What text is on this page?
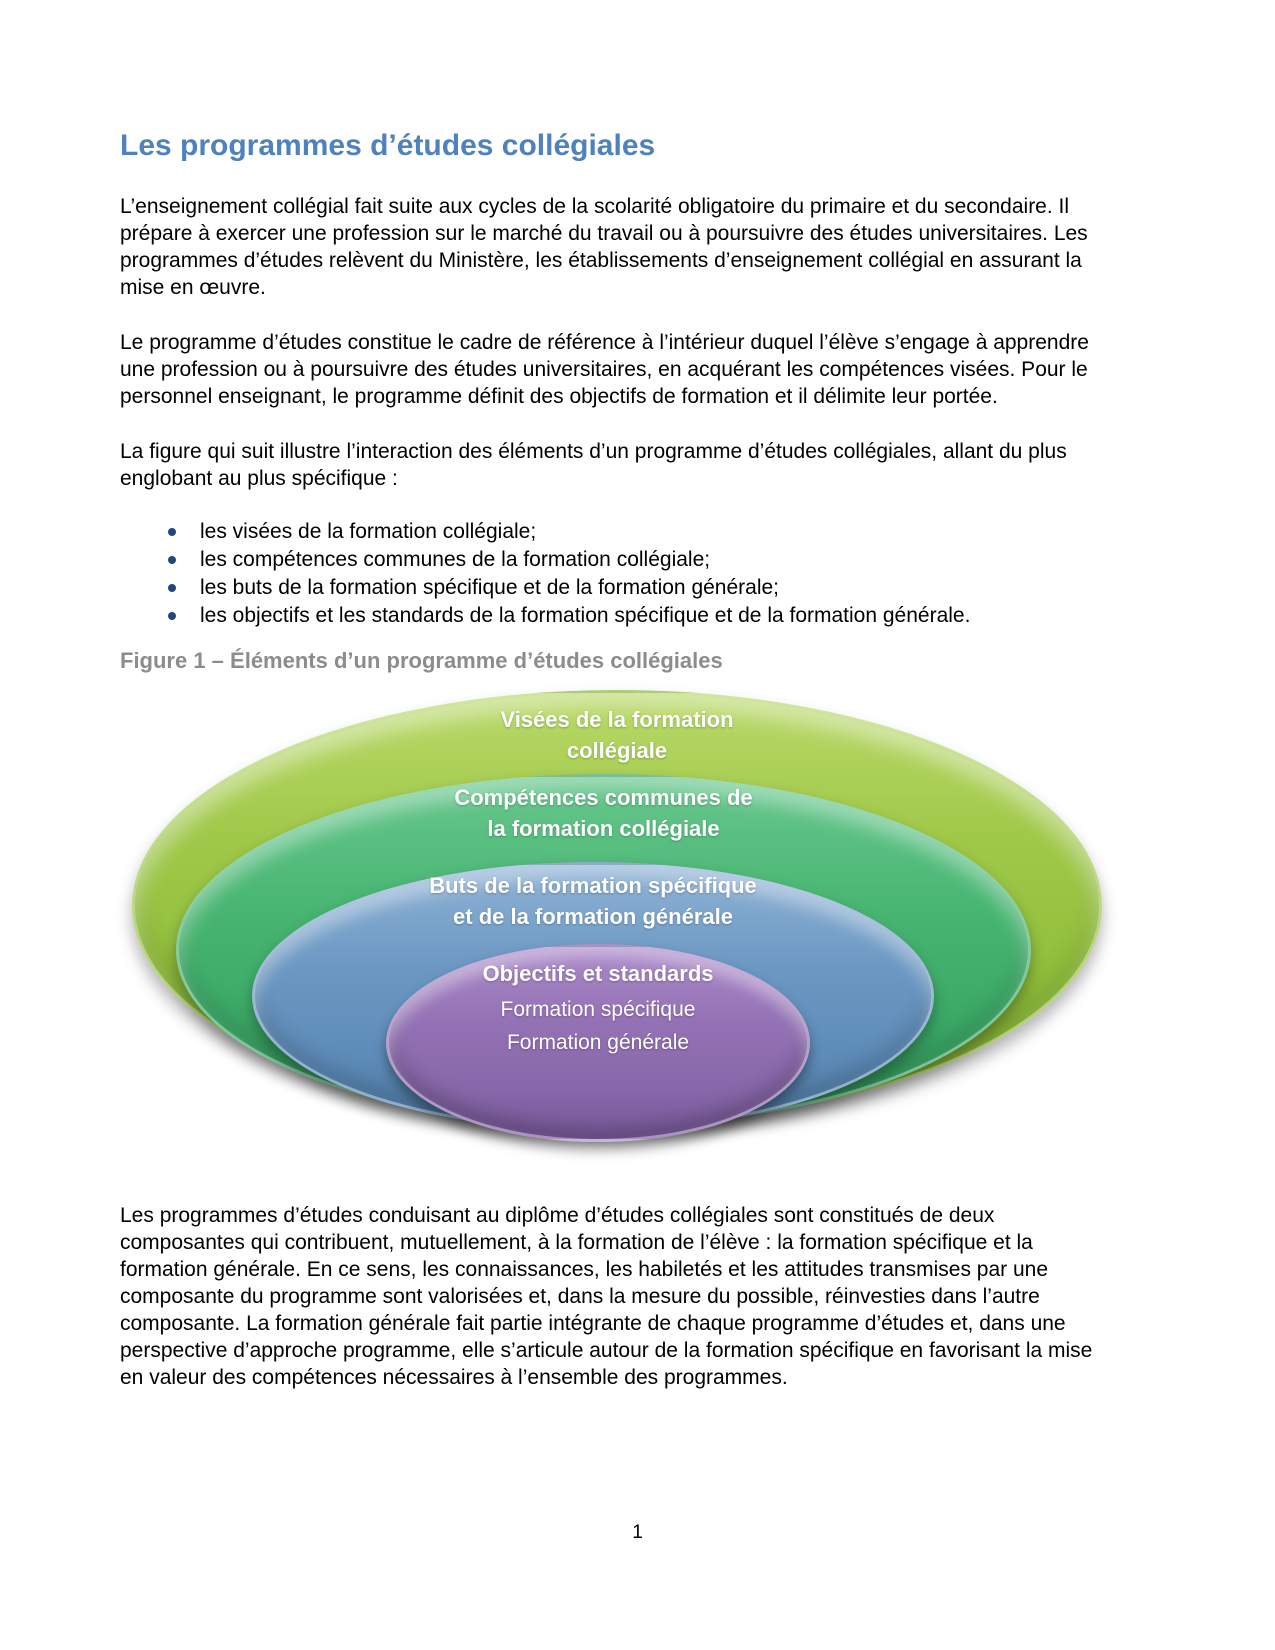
Les programmes d’études collégiales

L’enseignement collégial fait suite aux cycles de la scolarité obligatoire du primaire et du secondaire. Il prépare à exercer une profession sur le marché du travail ou à poursuivre des études universitaires. Les programmes d’études relèvent du Ministère, les établissements d’enseignement collégial en assurant la mise en œuvre.

Le programme d’études constitue le cadre de référence à l’intérieur duquel l’élève s’engage à apprendre une profession ou à poursuivre des études universitaires, en acquérant les compétences visées. Pour le personnel enseignant, le programme définit des objectifs de formation et il délimite leur portée.

La figure qui suit illustre l’interaction des éléments d’un programme d’études collégiales, allant du plus englobant au plus spécifique :

les visées de la formation collégiale;
les compétences communes de la formation collégiale;
les buts de la formation spécifique et de la formation générale;
les objectifs et les standards de la formation spécifique et de la formation générale.
Figure 1 – Éléments d’un programme d’études collégiales
Visées de la formation
collégiale
Compétences communes de
la formation collégiale
Buts de la formation spécifique
et de la formation générale
Objectifs et standards
Formation spécifique
Formation générale

Les programmes d’études conduisant au diplôme d’études collégiales sont constitués de deux composantes qui contribuent, mutuellement, à la formation de l’élève : la formation spécifique et la formation générale. En ce sens, les connaissances, les habiletés et les attitudes transmises par une composante du programme sont valorisées et, dans la mesure du possible, réinvesties dans l’autre composante. La formation générale fait partie intégrante de chaque programme d’études et, dans une perspective d’approche programme, elle s’articule autour de la formation spécifique en favorisant la mise en valeur des compétences nécessaires à l’ensemble des programmes.

1
